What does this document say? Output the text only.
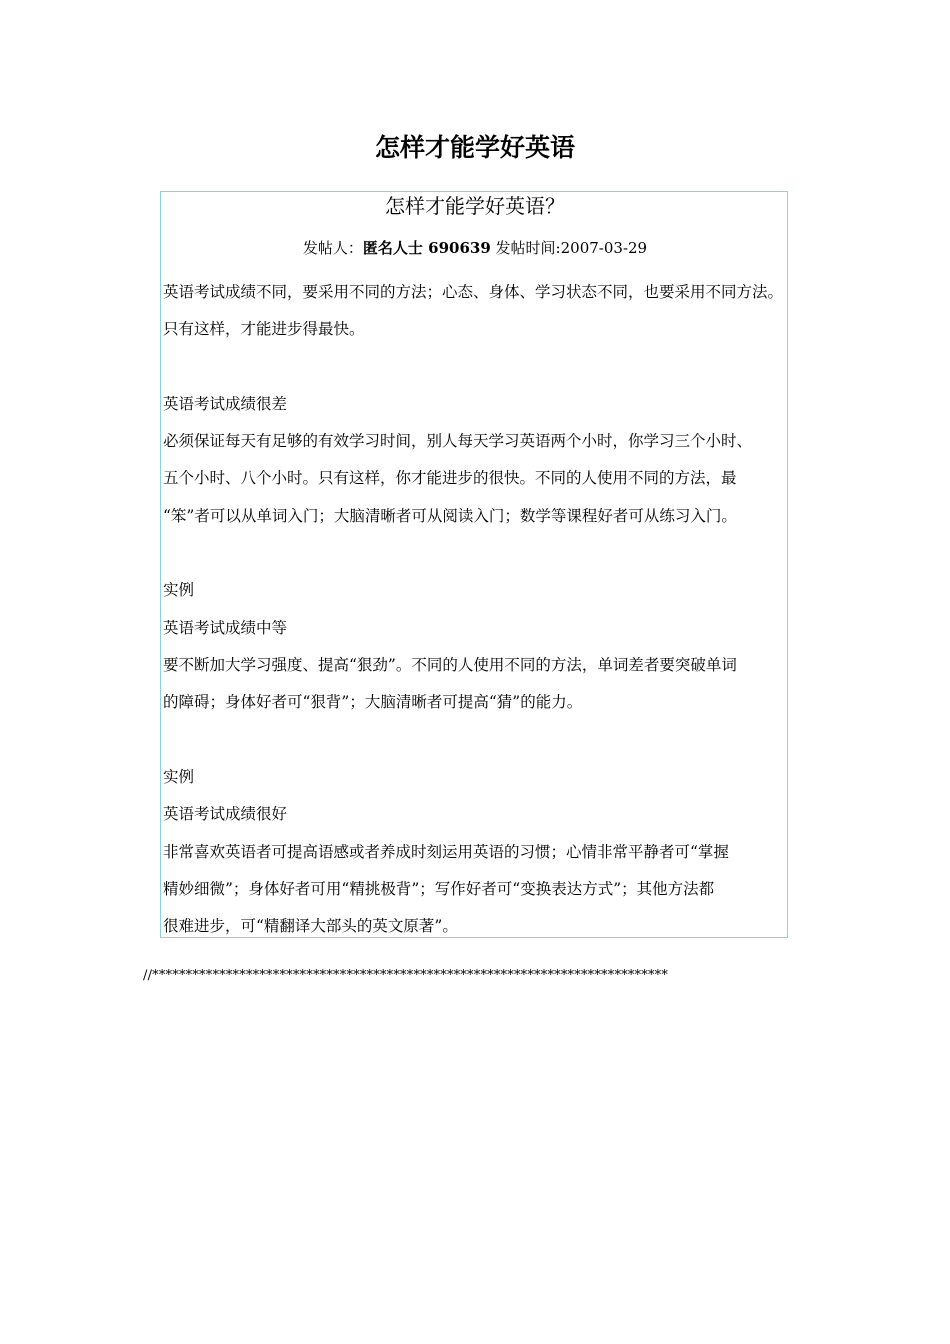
怎样才能学好英语
怎样才能学好英语？
发帖人：匿名人士 690639 发帖时间:2007-03-29
英语考试成绩不同，要采用不同的方法；心态、身体、学习状态不同，也要采用不同方法。
只有这样，才能进步得最快。
英语考试成绩很差
必须保证每天有足够的有效学习时间，别人每天学习英语两个小时，你学习三个小时、
五个小时、八个小时。只有这样，你才能进步的很快。不同的人使用不同的方法，最
“笨”者可以从单词入门；大脑清晰者可从阅读入门；数学等课程好者可从练习入门。
实例
英语考试成绩中等
要不断加大学习强度、提高“狠劲”。不同的人使用不同的方法，单词差者要突破单词
的障碍；身体好者可“狠背”；大脑清晰者可提高“猜”的能力。
实例
英语考试成绩很好
非常喜欢英语者可提高语感或者养成时刻运用英语的习惯；心情非常平静者可“掌握
精妙细微”；身体好者可用“精挑极背”；写作好者可“变换表达方式”；其他方法都
很难进步，可“精翻译大部头的英文原著”。
//*****************************************************************************
